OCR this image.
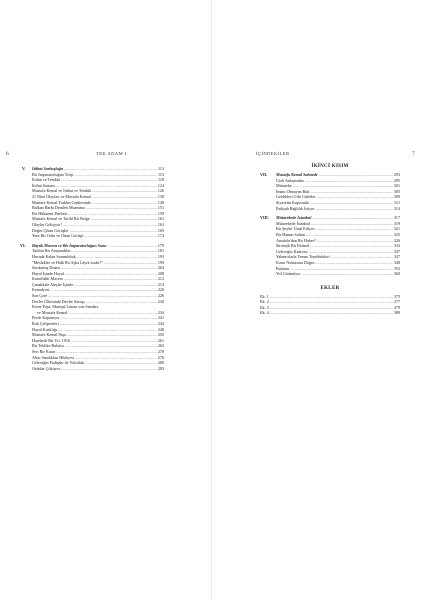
6	TEK ADAM I
V. İttihat Sarhoşluğu .....	113
Bir İmparatorluğun Yitişi .....	115
İttihat ve Terakki .....	118
İttihat Sonrası .....	124
Mustafa Kemal ve İttihat ve Terakki .....	126
31 Mart Olayları ve Mustafa Kemal .....	138
Mustafa Kemal Trablus Cephesinde .....	148
Balkan Harbi Denilen Muamma .....	151
Bir Hükümet Darbesi .....	159
Mustafa Kemal ve Tarihî Bir Belge .....	161
Olaylar Gelişiyor! .....	163
Doğru Çıkan Görüşler .....	169
Yeni Bir Ordu ve Onun Görüşü .....	174
VI. Büyük Macera ve Bir İmparatorluğun Sonu .....	179
Tarihin Bir Araşımdılar .....	181
Havada Kalan Sorumluluk .....	193
"Meslekler ve Halk Bu Aşka Lâyık mıdır?" .....	199
Sarıkamış Dramı .....	204
Hayal İçinde Hayal .....	208
Kanal'daki Macera .....	212
Çanakkale Ateşler İçinde .....	214
Kemalyeri .....	220
Son Çare .....	226
Devler Ülkesinde Devler Savaşı .....	230
Enver Paşa, Mareşal Liman von Sanders
ve Mustafa Kemal .....	234
Perde Kapanıyor .....	241
Ruh Çelişmeleri .....	244
Hayal Kırıklığı .....	248
Mustafa Kemal Paşa .....	250
Hareketli Bir Yıl: 1916 .....	261
Bir Tehlike Buluttu .....	263
Sert Bir Karar .....	270
Altın Sandıkları Hikâyesi .....	276
Geleceğin Padişahı ile Yolculuk .....	280
Ordular Çöküyor .....	283
İÇİNDEKİLER	7
İKİNCİ KISIM
VII. Mustafa Kemal Sahnede .....	293
Gizli Anlaşmalar .....	295
Mütareke .....	301
İmanı Olmayan Ruh .....	305
Geldikleri Gibi Giderler .....	309
Siyasetin Kapısında .....	311
Padişah Bağlılık İstiyor .....	314
VIII. Mütarekede İstanbul .....	317
Mütarekede İstanbul .....	319
Bir Şeyler Ümit Ediyor .....	321
Bir Hanım Sultan .....	325
Anadolu'dan Bir Haber? .....	326
Stratejik Bir İhtimal .....	333
Geleceğin Kadrosu .....	337
Yabancılarla Temas Teşebbüsleri .....	347
Karar Noktasına Doğru .....	348
Bulutan .....	353
Yol Görünüyor .....	360
EKLER
Ek: 1 .....	375
Ek: 2 .....	377
Ek: 3 .....	379
Ek: 4 .....	380
